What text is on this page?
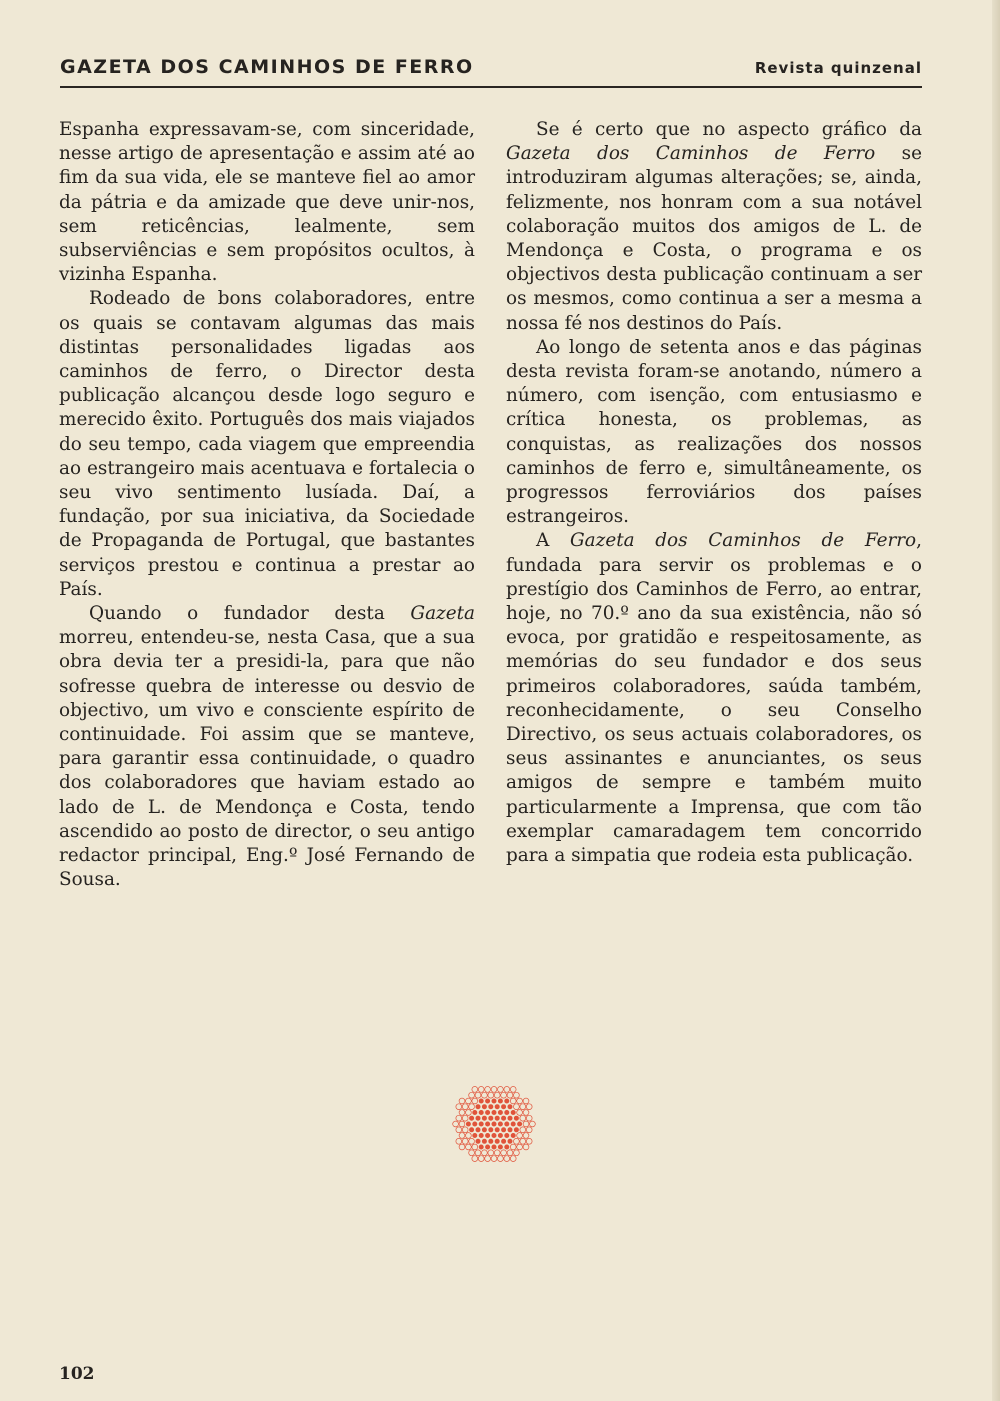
GAZETA DOS CAMINHOS DE FERRO	Revista quinzenal

Espanha expressavam-se, com sinceridade, nesse artigo de apresentação e assim até ao fim da sua vida, ele se manteve fiel ao amor da pátria e da amizade que deve unir-nos, sem reticências, lealmente, sem subserviências e sem propósitos ocultos, à vizinha Espanha.

Rodeado de bons colaboradores, entre os quais se contavam algumas das mais distintas personalidades ligadas aos caminhos de ferro, o Director desta publicação alcançou desde logo seguro e merecido êxito. Português dos mais viajados do seu tempo, cada viagem que empreendia ao estrangeiro mais acentuava e fortalecia o seu vivo sentimento lusíada. Daí, a fundação, por sua iniciativa, da Sociedade de Propaganda de Portugal, que bastantes serviços prestou e continua a prestar ao País.

Quando o fundador desta Gazeta morreu, entendeu-se, nesta Casa, que a sua obra devia ter a presidi-la, para que não sofresse quebra de interesse ou desvio de objectivo, um vivo e consciente espírito de continuidade. Foi assim que se manteve, para garantir essa continuidade, o quadro dos colaboradores que haviam estado ao lado de L. de Mendonça e Costa, tendo ascendido ao posto de director, o seu antigo redactor principal, Eng.º José Fernando de Sousa.

Se é certo que no aspecto gráfico da Gazeta dos Caminhos de Ferro se introduziram algumas alterações; se, ainda, felizmente, nos honram com a sua notável colaboração muitos dos amigos de L. de Mendonça e Costa, o programa e os objectivos desta publicação continuam a ser os mesmos, como continua a ser a mesma a nossa fé nos destinos do País.

Ao longo de setenta anos e das páginas desta revista foram-se anotando, número a número, com isenção, com entusiasmo e crítica honesta, os problemas, as conquistas, as realizações dos nossos caminhos de ferro e, simultâneamente, os progressos ferroviários dos países estrangeiros.

A Gazeta dos Caminhos de Ferro, fundada para servir os problemas e o prestígio dos Caminhos de Ferro, ao entrar, hoje, no 70.º ano da sua existência, não só evoca, por gratidão e respeitosamente, as memórias do seu fundador e dos seus primeiros colaboradores, saúda também, reconhecidamente, o seu Conselho Directivo, os seus actuais colaboradores, os seus assinantes e anunciantes, os seus amigos de sempre e também muito particularmente a Imprensa, que com tão exemplar camaradagem tem concorrido para a simpatia que rodeia esta publicação.

102
